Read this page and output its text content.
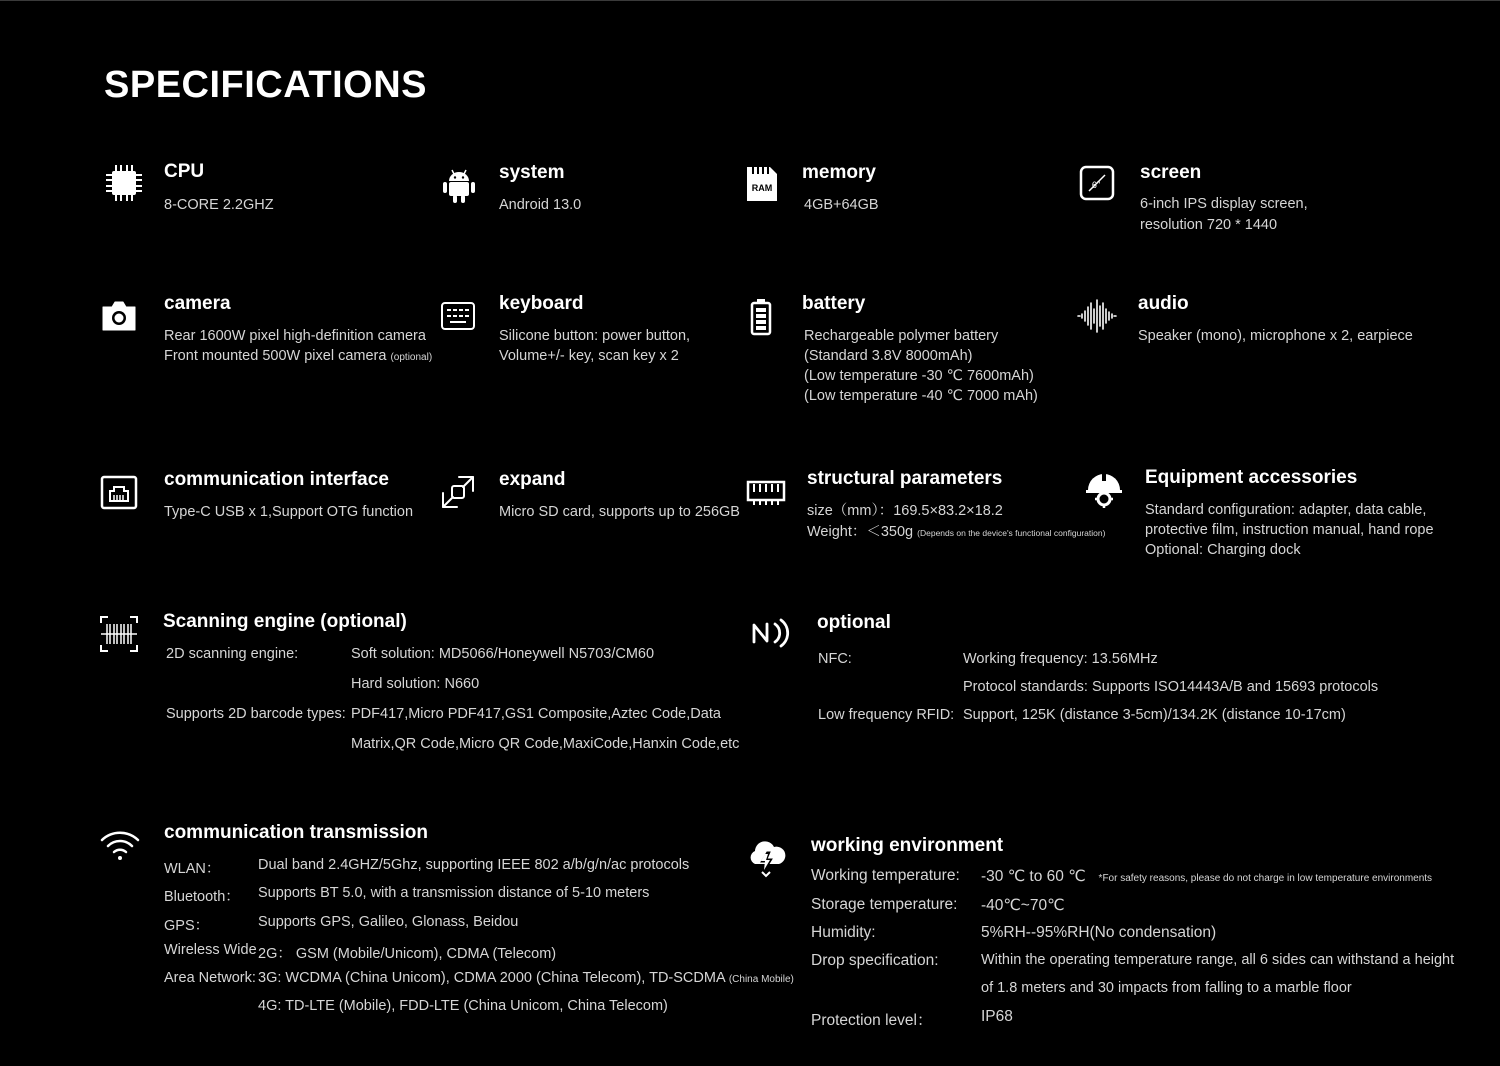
SPECIFICATIONS
CPU
8-CORE 2.2GHZ
system
Android 13.0
RAM
memory
4GB+64GB
6"
screen
6-inch IPS display screen,
resolution 720 * 1440
camera
Rear 1600W pixel high-definition camera
Front mounted 500W pixel camera (optional)
keyboard
Silicone button: power button,
Volume+/- key, scan key x 2
battery
Rechargeable polymer battery
(Standard 3.8V 8000mAh)
(Low temperature -30 ℃ 7600mAh)
(Low temperature -40 ℃ 7000 mAh)
audio
Speaker (mono), microphone x 2, earpiece
communication interface
Type-C USB x 1,Support OTG function
expand
Micro SD card, supports up to 256GB
structural parameters
size（mm）：169.5×83.2×18.2
Weight：＜350g (Depends on the device's functional configuration)
Equipment accessories
Standard configuration: adapter, data cable,
protective film, instruction manual, hand rope
Optional: Charging dock
Scanning engine (optional)
2D scanning engine:	Soft solution: MD5066/Honeywell N5703/CM60
Hard solution: N660
Supports 2D barcode types: PDF417,Micro PDF417,GS1 Composite,Aztec Code,Data
Matrix,QR Code,Micro QR Code,MaxiCode,Hanxin Code,etc
optional
NFC:	Working frequency: 13.56MHz
Protocol standards: Supports ISO14443A/B and 15693 protocols
Low frequency RFID: Support, 125K (distance 3-5cm)/134.2K (distance 10-17cm)
communication transmission
WLAN：	Dual band 2.4GHZ/5Ghz, supporting IEEE 802 a/b/g/n/ac protocols
Bluetooth： Supports BT 5.0, with a transmission distance of 5-10 meters
GPS：	Supports GPS, Galileo, Glonass, Beidou
Wireless Wide 2G： GSM (Mobile/Unicom), CDMA (Telecom)
Area Network: 3G: WCDMA (China Unicom), CDMA 2000 (China Telecom), TD-SCDMA (China Mobile)
4G: TD-LTE (Mobile), FDD-LTE (China Unicom, China Telecom)
working environment
Working temperature: -30 ℃ to 60 ℃ *For safety reasons, please do not charge in low temperature environments
Storage temperature: -40℃~70℃
Humidity:	5%RH--95%RH(No condensation)
Drop specification:	Within the operating temperature range, all 6 sides can withstand a height
of 1.8 meters and 30 impacts from falling to a marble floor
Protection level：	IP68
